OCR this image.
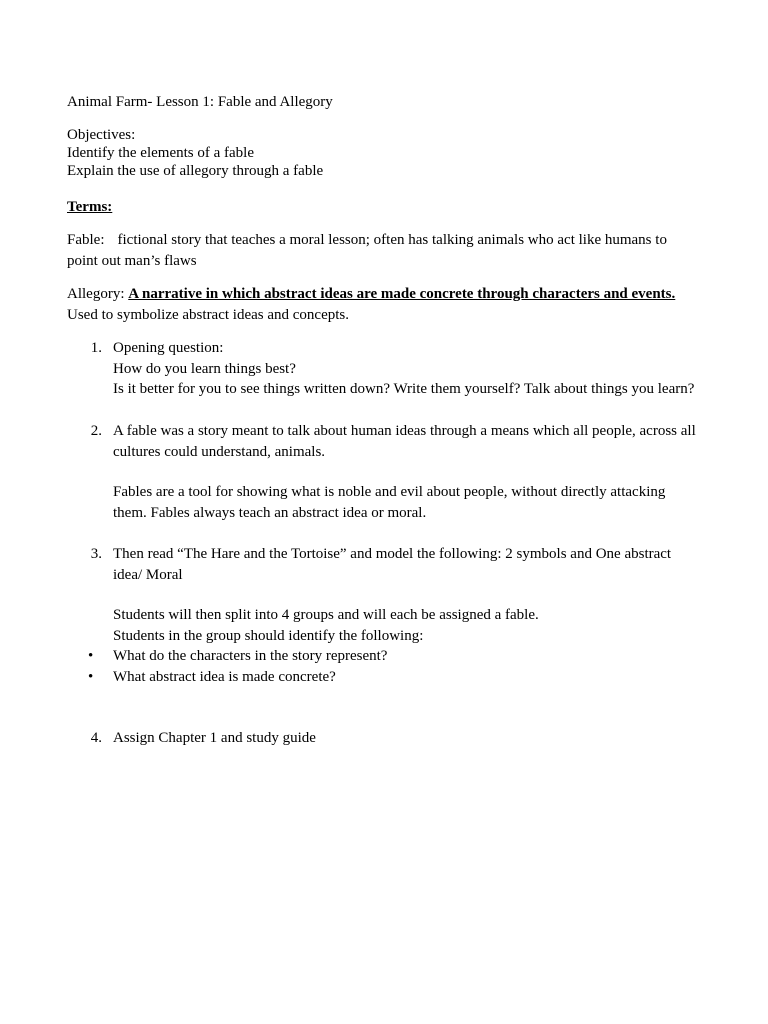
Animal Farm- Lesson 1: Fable and Allegory
Objectives:
Identify the elements of a fable
Explain the use of allegory through a fable
Terms:
Fable: fictional story that teaches a moral lesson; often has talking animals who act like humans to
point out man’s flaws
Allegory: A narrative in which abstract ideas are made concrete through characters and events.
Used to symbolize abstract ideas and concepts.
1. Opening question:
How do you learn things best?
Is it better for you to see things written down? Write them yourself? Talk about things you learn?
2. A fable was a story meant to talk about human ideas through a means which all people, across all
cultures could understand, animals.
Fables are a tool for showing what is noble and evil about people, without directly attacking
them. Fables always teach an abstract idea or moral.
3. Then read “The Hare and the Tortoise” and model the following: 2 symbols and One abstract
idea/ Moral
Students will then split into 4 groups and will each be assigned a fable.
Students in the group should identify the following:
• What do the characters in the story represent?
• What abstract idea is made concrete?
4. Assign Chapter 1 and study guide
